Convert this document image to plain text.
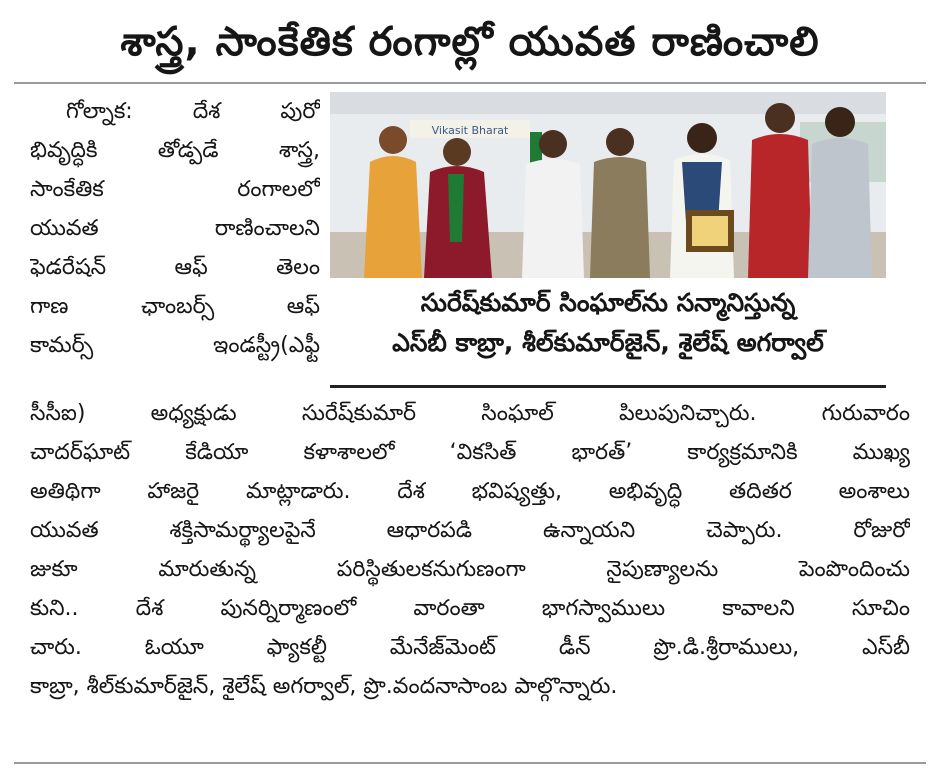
శాస్త్ర, సాంకేతిక రంగాల్లో యువత రాణించాలి
గోల్నాక: దేశ పురో
భివృద్ధికి తోడ్పడే శాస్త్ర,
సాంకేతిక రంగాలలో
యువత రాణించాలని
ఫెడరేషన్ ఆఫ్ తెలం
గాణ ఛాంబర్స్ ఆఫ్
కామర్స్ ఇండస్ట్రీ(ఎఫ్టీ
Vikasit Bharat
సురేష్‌కుమార్ సింఘాల్‌ను సన్మానిస్తున్న
ఎస్‌బీ కాబ్రా, శీల్‌కుమార్‌జైన్, శైలేష్ అగర్వాల్
సీసీఐ) అధ్యక్షుడు సురేష్‌కుమార్ సింఘాల్ పిలుపునిచ్చారు. గురువారం
చాదర్‌ఘాట్ కేడియా కళాశాలలో ‘వికసిత్ భారత్’ కార్యక్రమానికి ముఖ్య
అతిథిగా హాజరై మాట్లాడారు. దేశ భవిష్యత్తు, అభివృద్ధి తదితర అంశాలు
యువత శక్తిసామర్థ్యాలపైనే ఆధారపడి ఉన్నాయని చెప్పారు. రోజురో
జుకూ మారుతున్న పరిస్థితులకనుగుణంగా నైపుణ్యాలను పెంపొందించు
కుని.. దేశ పునర్నిర్మాణంలో వారంతా భాగస్వాములు కావాలని సూచిం
చారు. ఓయూ ఫ్యాకల్టీ మేనేజ్‌మెంట్ డీన్ ప్రొ.డి.శ్రీరాములు, ఎస్‌బీ
కాబ్రా, శీల్‌కుమార్‌జైన్, శైలేష్ అగర్వాల్, ప్రొ.వందనాసాంబ పాల్గొన్నారు.
